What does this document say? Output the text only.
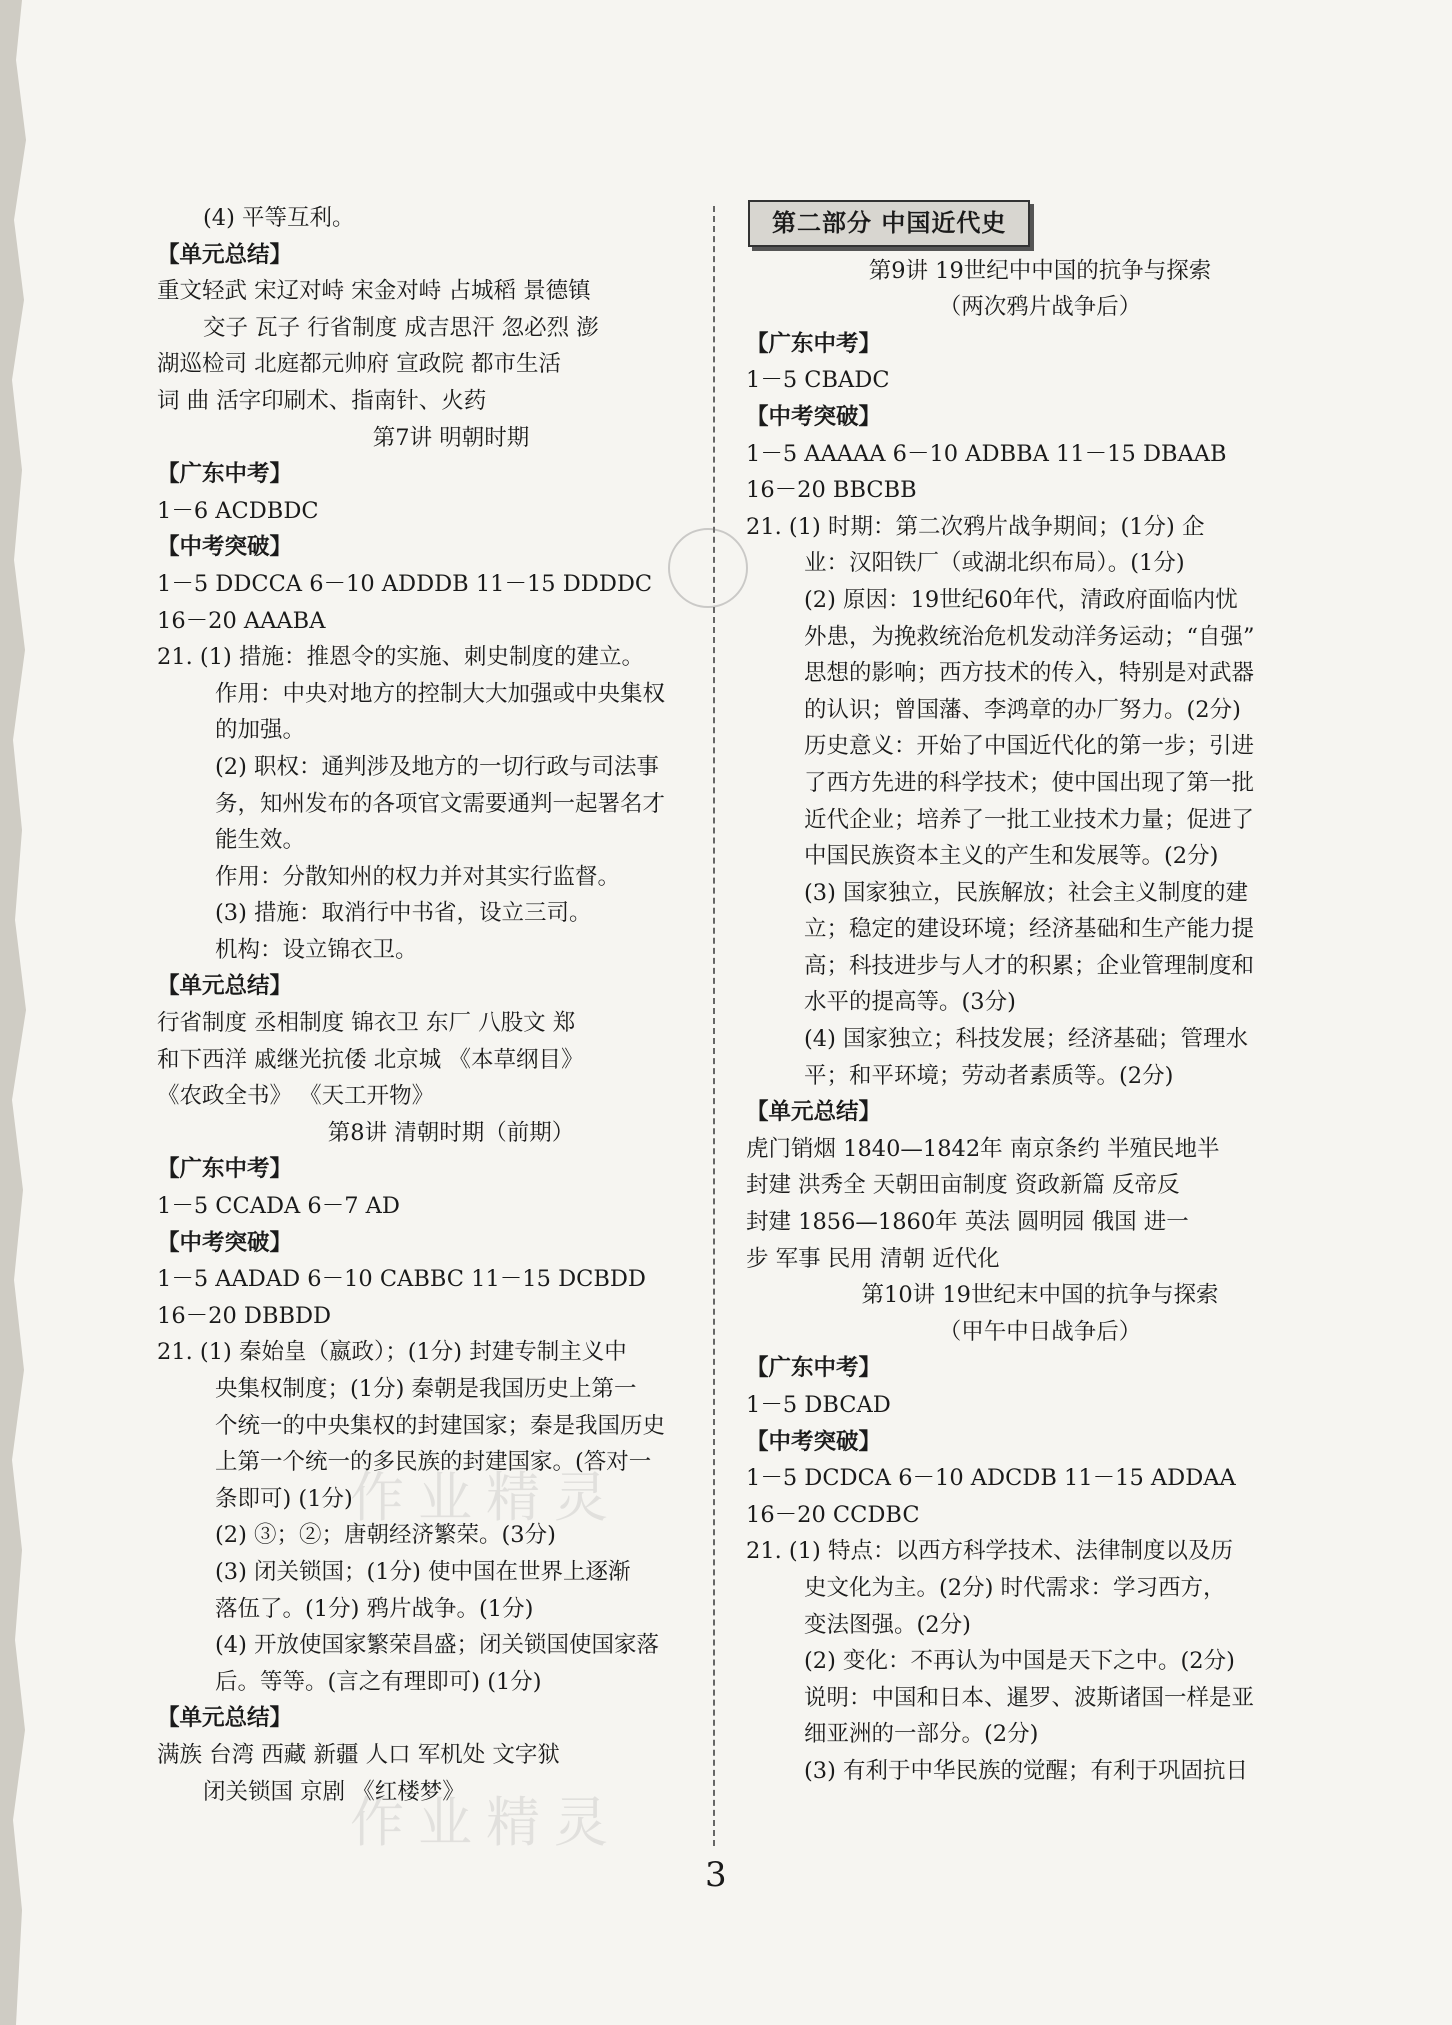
(4) 平等互利。
【单元总结】
重文轻武 宋辽对峙 宋金对峙 占城稻 景德镇
交子 瓦子 行省制度 成吉思汗 忽必烈 澎
湖巡检司 北庭都元帅府 宣政院 都市生活
词 曲 活字印刷术、指南针、火药
第7讲 明朝时期
【广东中考】
1－6 ACDBDC
【中考突破】
1－5 DDCCA 6－10 ADDDB 11－15 DDDDC
16－20 AAABA
21. (1) 措施：推恩令的实施、刺史制度的建立。
作用：中央对地方的控制大大加强或中央集权
的加强。
(2) 职权：通判涉及地方的一切行政与司法事
务，知州发布的各项官文需要通判一起署名才
能生效。
作用：分散知州的权力并对其实行监督。
(3) 措施：取消行中书省，设立三司。
机构：设立锦衣卫。
【单元总结】
行省制度 丞相制度 锦衣卫 东厂 八股文 郑
和下西洋 戚继光抗倭 北京城 《本草纲目》
《农政全书》 《天工开物》
第8讲 清朝时期（前期）
【广东中考】
1－5 CCADA 6－7 AD
【中考突破】
1－5 AADAD 6－10 CABBC 11－15 DCBDD
16－20 DBBDD
21. (1) 秦始皇（嬴政）；(1分) 封建专制主义中
央集权制度；(1分) 秦朝是我国历史上第一
个统一的中央集权的封建国家；秦是我国历史
上第一个统一的多民族的封建国家。(答对一
条即可) (1分)
(2) ③；②；唐朝经济繁荣。(3分)
(3) 闭关锁国；(1分) 使中国在世界上逐渐
落伍了。(1分) 鸦片战争。(1分)
(4) 开放使国家繁荣昌盛；闭关锁国使国家落
后。等等。(言之有理即可) (1分)
【单元总结】
满族 台湾 西藏 新疆 人口 军机处 文字狱
闭关锁国 京剧 《红楼梦》
第二部分 中国近代史
第9讲 19世纪中中国的抗争与探索
（两次鸦片战争后）
【广东中考】
1－5 CBADC
【中考突破】
1－5 AAAAA 6－10 ADBBA 11－15 DBAAB
16－20 BBCBB
21. (1) 时期：第二次鸦片战争期间；(1分) 企
业：汉阳铁厂（或湖北织布局）。(1分)
(2) 原因：19世纪60年代，清政府面临内忧
外患，为挽救统治危机发动洋务运动；“自强”
思想的影响；西方技术的传入，特别是对武器
的认识；曾国藩、李鸿章的办厂努力。(2分)
历史意义：开始了中国近代化的第一步；引进
了西方先进的科学技术；使中国出现了第一批
近代企业；培养了一批工业技术力量；促进了
中国民族资本主义的产生和发展等。(2分)
(3) 国家独立，民族解放；社会主义制度的建
立；稳定的建设环境；经济基础和生产能力提
高；科技进步与人才的积累；企业管理制度和
水平的提高等。(3分)
(4) 国家独立；科技发展；经济基础；管理水
平；和平环境；劳动者素质等。(2分)
【单元总结】
虎门销烟 1840—1842年 南京条约 半殖民地半
封建 洪秀全 天朝田亩制度 资政新篇 反帝反
封建 1856—1860年 英法 圆明园 俄国 进一
步 军事 民用 清朝 近代化
第10讲 19世纪末中国的抗争与探索
（甲午中日战争后）
【广东中考】
1－5 DBCAD
【中考突破】
1－5 DCDCA 6－10 ADCDB 11－15 ADDAA
16－20 CCDBC
21. (1) 特点：以西方科学技术、法律制度以及历
史文化为主。(2分) 时代需求：学习西方，
变法图强。(2分)
(2) 变化：不再认为中国是天下之中。(2分)
说明：中国和日本、暹罗、波斯诸国一样是亚
细亚洲的一部分。(2分)
(3) 有利于中华民族的觉醒；有利于巩固抗日
作业精灵
作业精灵
3
